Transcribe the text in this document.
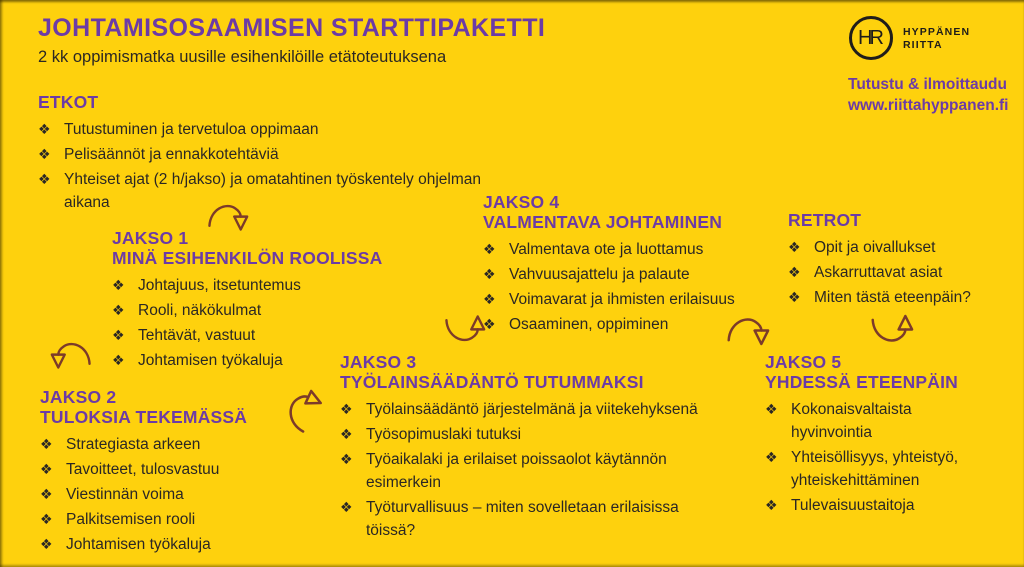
JOHTAMISOSAAMISEN STARTTIPAKETTI
2 kk oppimismatka uusille esihenkilöille etätoteutuksena
HR HYPPÄNEN
RIITTA
Tutustu & ilmoittaudu
www.riittahyppanen.fi
ETKOT
❖ Tutustuminen ja tervetuloa oppimaan
❖ Pelisäännöt ja ennakkotehtäviä
❖ Yhteiset ajat (2 h/jakso) ja omatahtinen työskentely ohjelman aikana
JAKSO 1
MINÄ ESIHENKILÖN ROOLISSA
❖ Johtajuus, itsetuntemus
❖ Rooli, näkökulmat
❖ Tehtävät, vastuut
❖ Johtamisen työkaluja
JAKSO 2
TULOKSIA TEKEMÄSSÄ
❖ Strategiasta arkeen
❖ Tavoitteet, tulosvastuu
❖ Viestinnän voima
❖ Palkitsemisen rooli
❖ Johtamisen työkaluja
JAKSO 3
TYÖLAINSÄÄDÄNTÖ TUTUMMAKSI
❖ Työlainsäädäntö järjestelmänä ja viitekehyksenä
❖ Työsopimuslaki tutuksi
❖ Työaikalaki ja erilaiset poissaolot käytännön esimerkein
❖ Työturvallisuus – miten sovelletaan erilaisissa töissä?
JAKSO 4
VALMENTAVA JOHTAMINEN
❖ Valmentava ote ja luottamus
❖ Vahvuusajattelu ja palaute
❖ Voimavarat ja ihmisten erilaisuus
❖ Osaaminen, oppiminen
JAKSO 5
YHDESSÄ ETEENPÄIN
❖ Kokonaisvaltaista hyvinvointia
❖ Yhteisöllisyys, yhteistyö, yhteiskehittäminen
❖ Tulevaisuustaitoja
RETROT
❖ Opit ja oivallukset
❖ Askarruttavat asiat
❖ Miten tästä eteenpäin?
